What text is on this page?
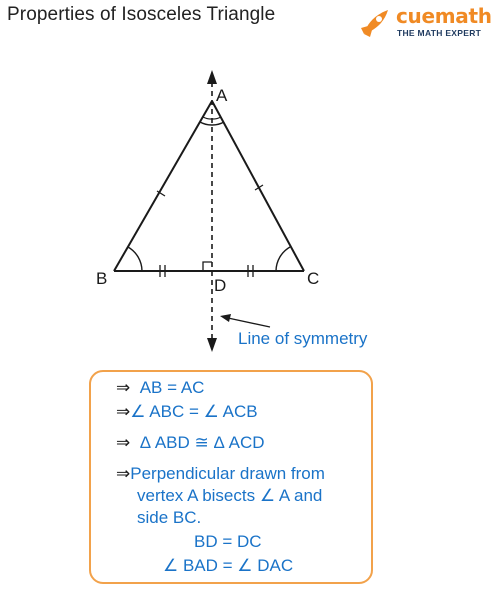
Properties of Isosceles Triangle	cuemath
THE MATH EXPERT
A
B	C
D
Line of symmetry
⇒ AB = AC
⇒∠ ABC = ∠ ACB
⇒ Δ ABD ≅ Δ ACD
⇒Perpendicular drawn from
vertex A bisects ∠ A and
side BC.
BD = DC
∠ BAD = ∠ DAC
